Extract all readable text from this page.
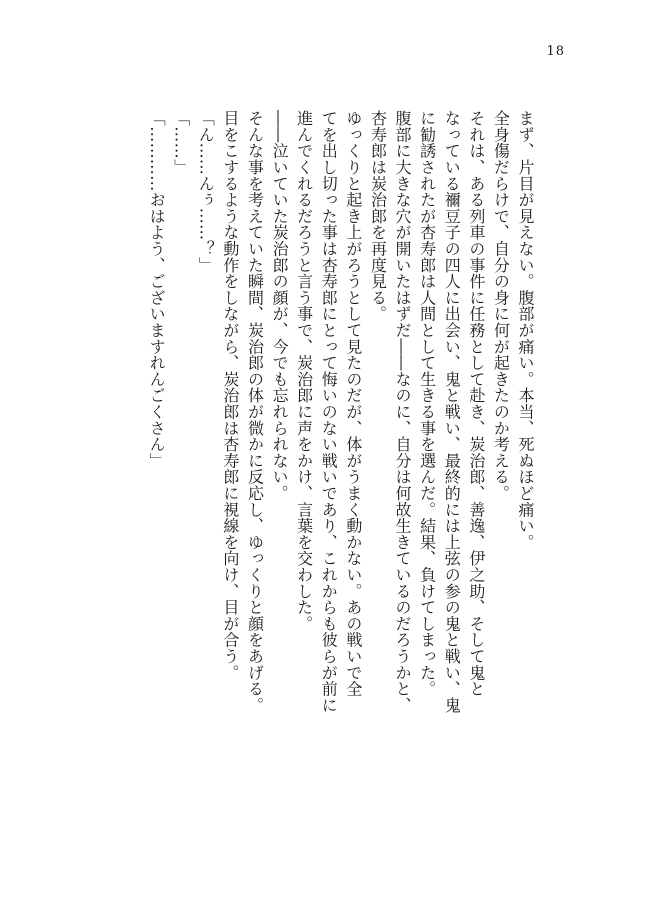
18
まず、片目が見えない。腹部が痛い。本当、死ぬほど痛い。
全身傷だらけで、自分の身に何が起きたのか考える。
それは、ある列車の事件に任務として赴き、炭治郎、善逸、伊之助、そして鬼と
なっている禰豆子の四人に出会い、鬼と戦い、最終的には上弦の参の鬼と戦い、鬼
に勧誘されたが杏寿郎は人間として生きる事を選んだ。結果、負けてしまった。
腹部に大きな穴が開いたはずだ――なのに、自分は何故生きているのだろうかと、
杏寿郎は炭治郎を再度見る。
ゆっくりと起き上がろうとして見たのだが、体がうまく動かない。あの戦いで全
てを出し切った事は杏寿郎にとって悔いのない戦いであり、これからも彼らが前に
進んでくれるだろうと言う事で、炭治郎に声をかけ、言葉を交わした。
――泣いていた炭治郎の顔が、今でも忘れられない。
そんな事を考えていた瞬間、炭治郎の体が微かに反応し、ゆっくりと顔をあげる。
目をこするような動作をしながら、炭治郎は杏寿郎に視線を向け、目が合う。
「ん……んぅ……？」
「……」
「…………おはよう、ございますれんごくさん」
